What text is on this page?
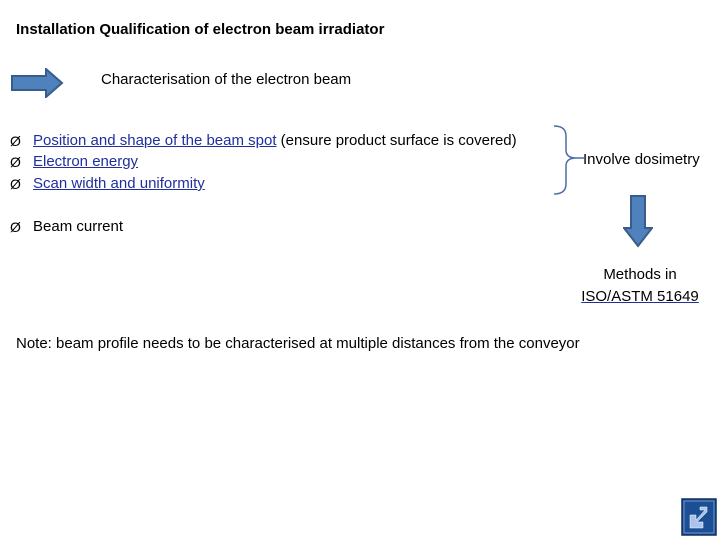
Installation Qualification of electron beam irradiator
Characterisation of the electron beam
Ø Position and shape of the beam spot (ensure product surface is covered)
Ø Electron energy
Ø Scan width and uniformity
Ø Beam current
Involve dosimetry
Methods in
ISO/ASTM 51649
Note: beam profile needs to be characterised at multiple distances from the conveyor
